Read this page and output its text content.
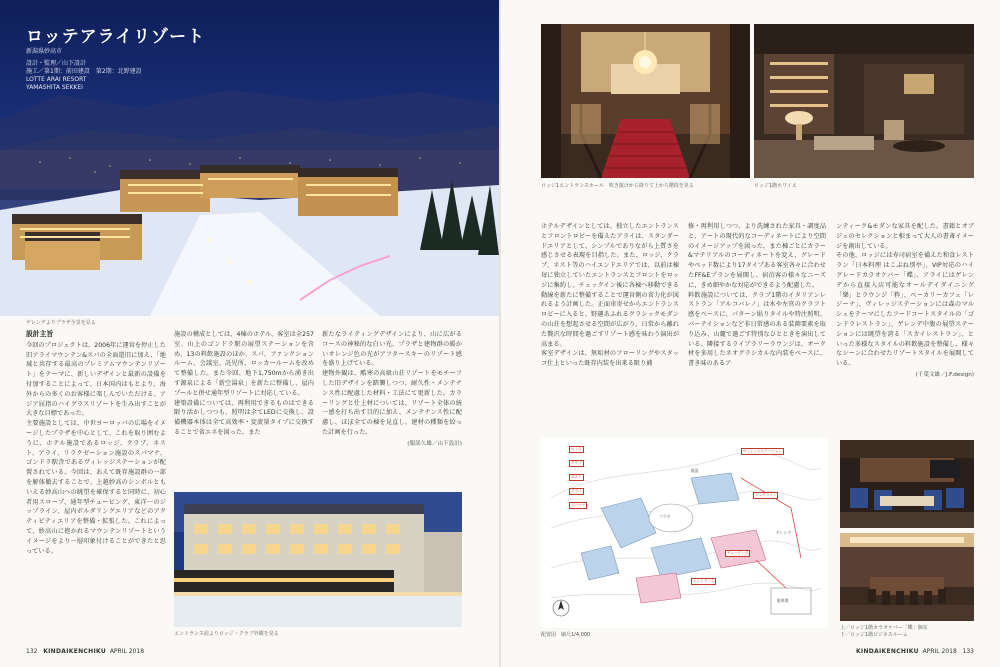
ロッテアライリゾート
新潟県妙高市
設計・監理／山下設計
施工／第1期：前田建設　第2期：北野建設
LOTTE ARAI RESORT
YAMASHITA SEKKEI
ゲレンデよりプラザ全景を見る
設計主旨

今回のプロジェクトは、2006年に運営を停止した旧アライマウンテン&スパの全面還旧に加え、「地域と共存する最高のプレミアムマウンテンリゾート」をテーマに、新しいデザインと最新の設備を付加することによって、日本国内はもとより、海外からの多くのお客様に楽しんでいただける、アジア屈指のハイグラスリゾートを生み出すことが大きな目標であった。

主要施設としては、中世ヨーロッパの広場をイメージしたプラザを中心として、これを取り囲むように、ホテル施設であるロッジ、クラブ、ネスト、アライ、リラクゼーション施設のスパマナ、ゴンドラ駅舎であるヴィレッジステーションが配置されている。今回は、あえて既存施設群の一部を解体撤去することで、上越妙高のシンボルともいえる妙高山への眺望を確保すると同時に、初心者用スロープ、通年型チュービング、東洋一のジップライン、屋内ボルダリングエリアなどのアクティビティエリアを整備・拡張した。これによって、妙高山に抱かれるマウンテンリゾートというイメージをより一層印象付けることができたと思っている。

施設の構成としては、4棟のホテル、客室は全257室、山上のゴンドラ駅の展望ステーションを含め、13の料飲施設のほか、スパ、ファンクションルーム、会議室、託児所、ロッカールームを改めて整備した。また今回、地下1,750mから湧き出す源泉による「新空湯泉」を新たに整備し、屋内プールと併せ通年型リゾートに対応している。

建築設備については、再利用できるものはできる限り活かしつつも、照明は全てLEDに交換し、設備機器本体は全て高効率・変流量タイプに交換することで省エネを図った。また

新たなライティングデザインにより、山に広がるコースの神秘的な白い光、プラザと建物群の暖かいオレンジ色の光がアフタースキーのリゾート感を盛り上げている。

建物外観は、酷寒の高級山荘リゾートをモチーフした旧デザインを踏襲しつつ、耐久性・メンテナンス性に配慮した材料・工法にて更新した。カラーリングと仕上材については、リゾート全体の統一感を打ち出す目的に加え、メンテナンス性に配慮し、ほぼ全ての棟を見直し、建材の種類を絞った計画を行った。

(服部久雄／山下設計)
エントランス前よりロッジ・クラブ外観を見る
132 KINDAIKENCHIKU APRIL 2018
ロッジ1エントランスホール　吹き抜けから降りて上から階段を見る	ロッジ1階ホワイエ

ホテルデザインとしては、独立したエントランスとフロントロビーを備えたアライは、スタンダードエリアとして、シンプルでありながら上質さを感じさせる表現を目指した。また、ロッジ、クラブ、ネスト等のハイエンドエリアでは、以前は棟毎に独立していたエントランスとフロントをロッジに集約し、チェックイン後に各棟へ移動できる動線を新たに整備することで運営側の省力化が図れるよう計画した。正面車寄せからエントランスロビーに入ると、野趣あふれるクラシックモダンの山荘を想起させる空間が広がり、日常から離れた贅沢な時間を過ごすリゾート感を味わう演出が高まる。

客室デザインは、無垢材のフローリングやスタッコ仕上といった既存内装を出来る限り補

修・再利用しつつ、より洗練された家具・調度品と、アートの現代的なコーディネートにより空間のイメージアップを図った。また棟ごとにカラー&マテリアルのコーディネートを変え、グレードやベッド数により17タイプある客室各々に合わせたFF&Eプランを展開し、宿泊客の様々なニーズに、きめ細やかな対応ができるよう配慮した。

料飲施設については、クラブ1階のイタリアンレストラン「アルコバレノ」は木や左官のクラフト感をベースに、パターン貼りタイルや特注照明、パーテイションなど非日常感のある装飾要素を取り込み、山麓で過ごす特別なひとときを演出している。隣接するライブラリーラウンジは、オーク材を多用したネオグラシカルな内装をベースに、書き味のあるア

ンティーク&モダンな家具を配した。書籍とオブジェのセレクションと相まって大人の書斎イメージを創出している。

その他、ロッジには寿司宿室を備えた和食レストラン「日本料理 はこぶね別亭」、VIP対応のハイグレードカラオケバー「蝶」、アライにはゲレンデから直接入店可能なオールデイダイニング「樂」とラウンジ「粋」、ベーカリーカフェ「レジーナ」、ヴィレッジステーションには森のマルシェをテーマにしたフードコートスタイルの「ゴンドラレストラン」、ゲレンデ中腹の展望ステーションには眺望を誇る「スカイレストラン」、といった多様なスタイルの料飲施設を整備し、様々なシーンに合わせたリゾートスタイルを展開している。

(千葉文雄／J.F.design)
ロッジ
クラブ
ネスト
アライ
スパマナ
プラザ
ヴィレッジステーション
既設
エントランス
駐車場
ゲレンデ
チュービング
ジップライン
配置図　縮尺1/4,000
上／ロッジ1階カラオケバー「蝶」個室
下／ロッジ1階ビジネスルーム
KINDAIKENCHIKU APRIL 2018 133
